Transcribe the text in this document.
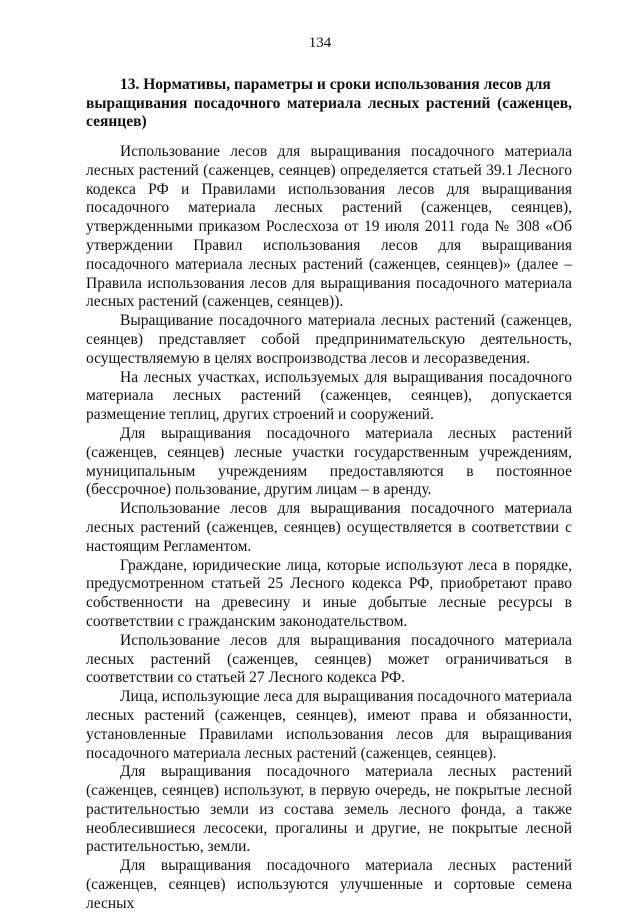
134
13. Нормативы, параметры и сроки использования лесов для
выращивания посадочного материала лесных растений (саженцев, сеянцев)

Использование лесов для выращивания посадочного материала лесных растений (саженцев, сеянцев) определяется статьей 39.1 Лесного кодекса РФ и Правилами использования лесов для выращивания посадочного материала лесных растений (саженцев, сеянцев), утвержденными приказом Рослесхоза от 19 июля 2011 года № 308 «Об утверждении Правил использования лесов для выращивания посадочного материала лесных растений (саженцев, сеянцев)» (далее – Правила использования лесов для выращивания посадочного материала лесных растений (саженцев, сеянцев)).

Выращивание посадочного материала лесных растений (саженцев, сеянцев) представляет собой предпринимательскую деятельность, осуществляемую в целях воспроизводства лесов и лесоразведения.

На лесных участках, используемых для выращивания посадочного материала лесных растений (саженцев, сеянцев), допускается размещение теплиц, других строений и сооружений.

Для выращивания посадочного материала лесных растений (саженцев, сеянцев) лесные участки государственным учреждениям, муниципальным учреждениям предоставляются в постоянное (бессрочное) пользование, другим лицам – в аренду.

Использование лесов для выращивания посадочного материала лесных растений (саженцев, сеянцев) осуществляется в соответствии с настоящим Регламентом.

Граждане, юридические лица, которые используют леса в порядке, предусмотренном статьей 25 Лесного кодекса РФ, приобретают право собственности на древесину и иные добытые лесные ресурсы в соответствии с гражданским законодательством.

Использование лесов для выращивания посадочного материала лесных растений (саженцев, сеянцев) может ограничиваться в соответствии со статьей 27 Лесного кодекса РФ.

Лица, использующие леса для выращивания посадочного материала лесных растений (саженцев, сеянцев), имеют права и обязанности, установленные Правилами использования лесов для выращивания посадочного материала лесных растений (саженцев, сеянцев).

Для выращивания посадочного материала лесных растений (саженцев, сеянцев) используют, в первую очередь, не покрытые лесной растительностью земли из состава земель лесного фонда, а также необлесившиеся лесосеки, прогалины и другие, не покрытые лесной растительностью, земли.

Для выращивания посадочного материала лесных растений (саженцев, сеянцев) используются улучшенные и сортовые семена лесных
